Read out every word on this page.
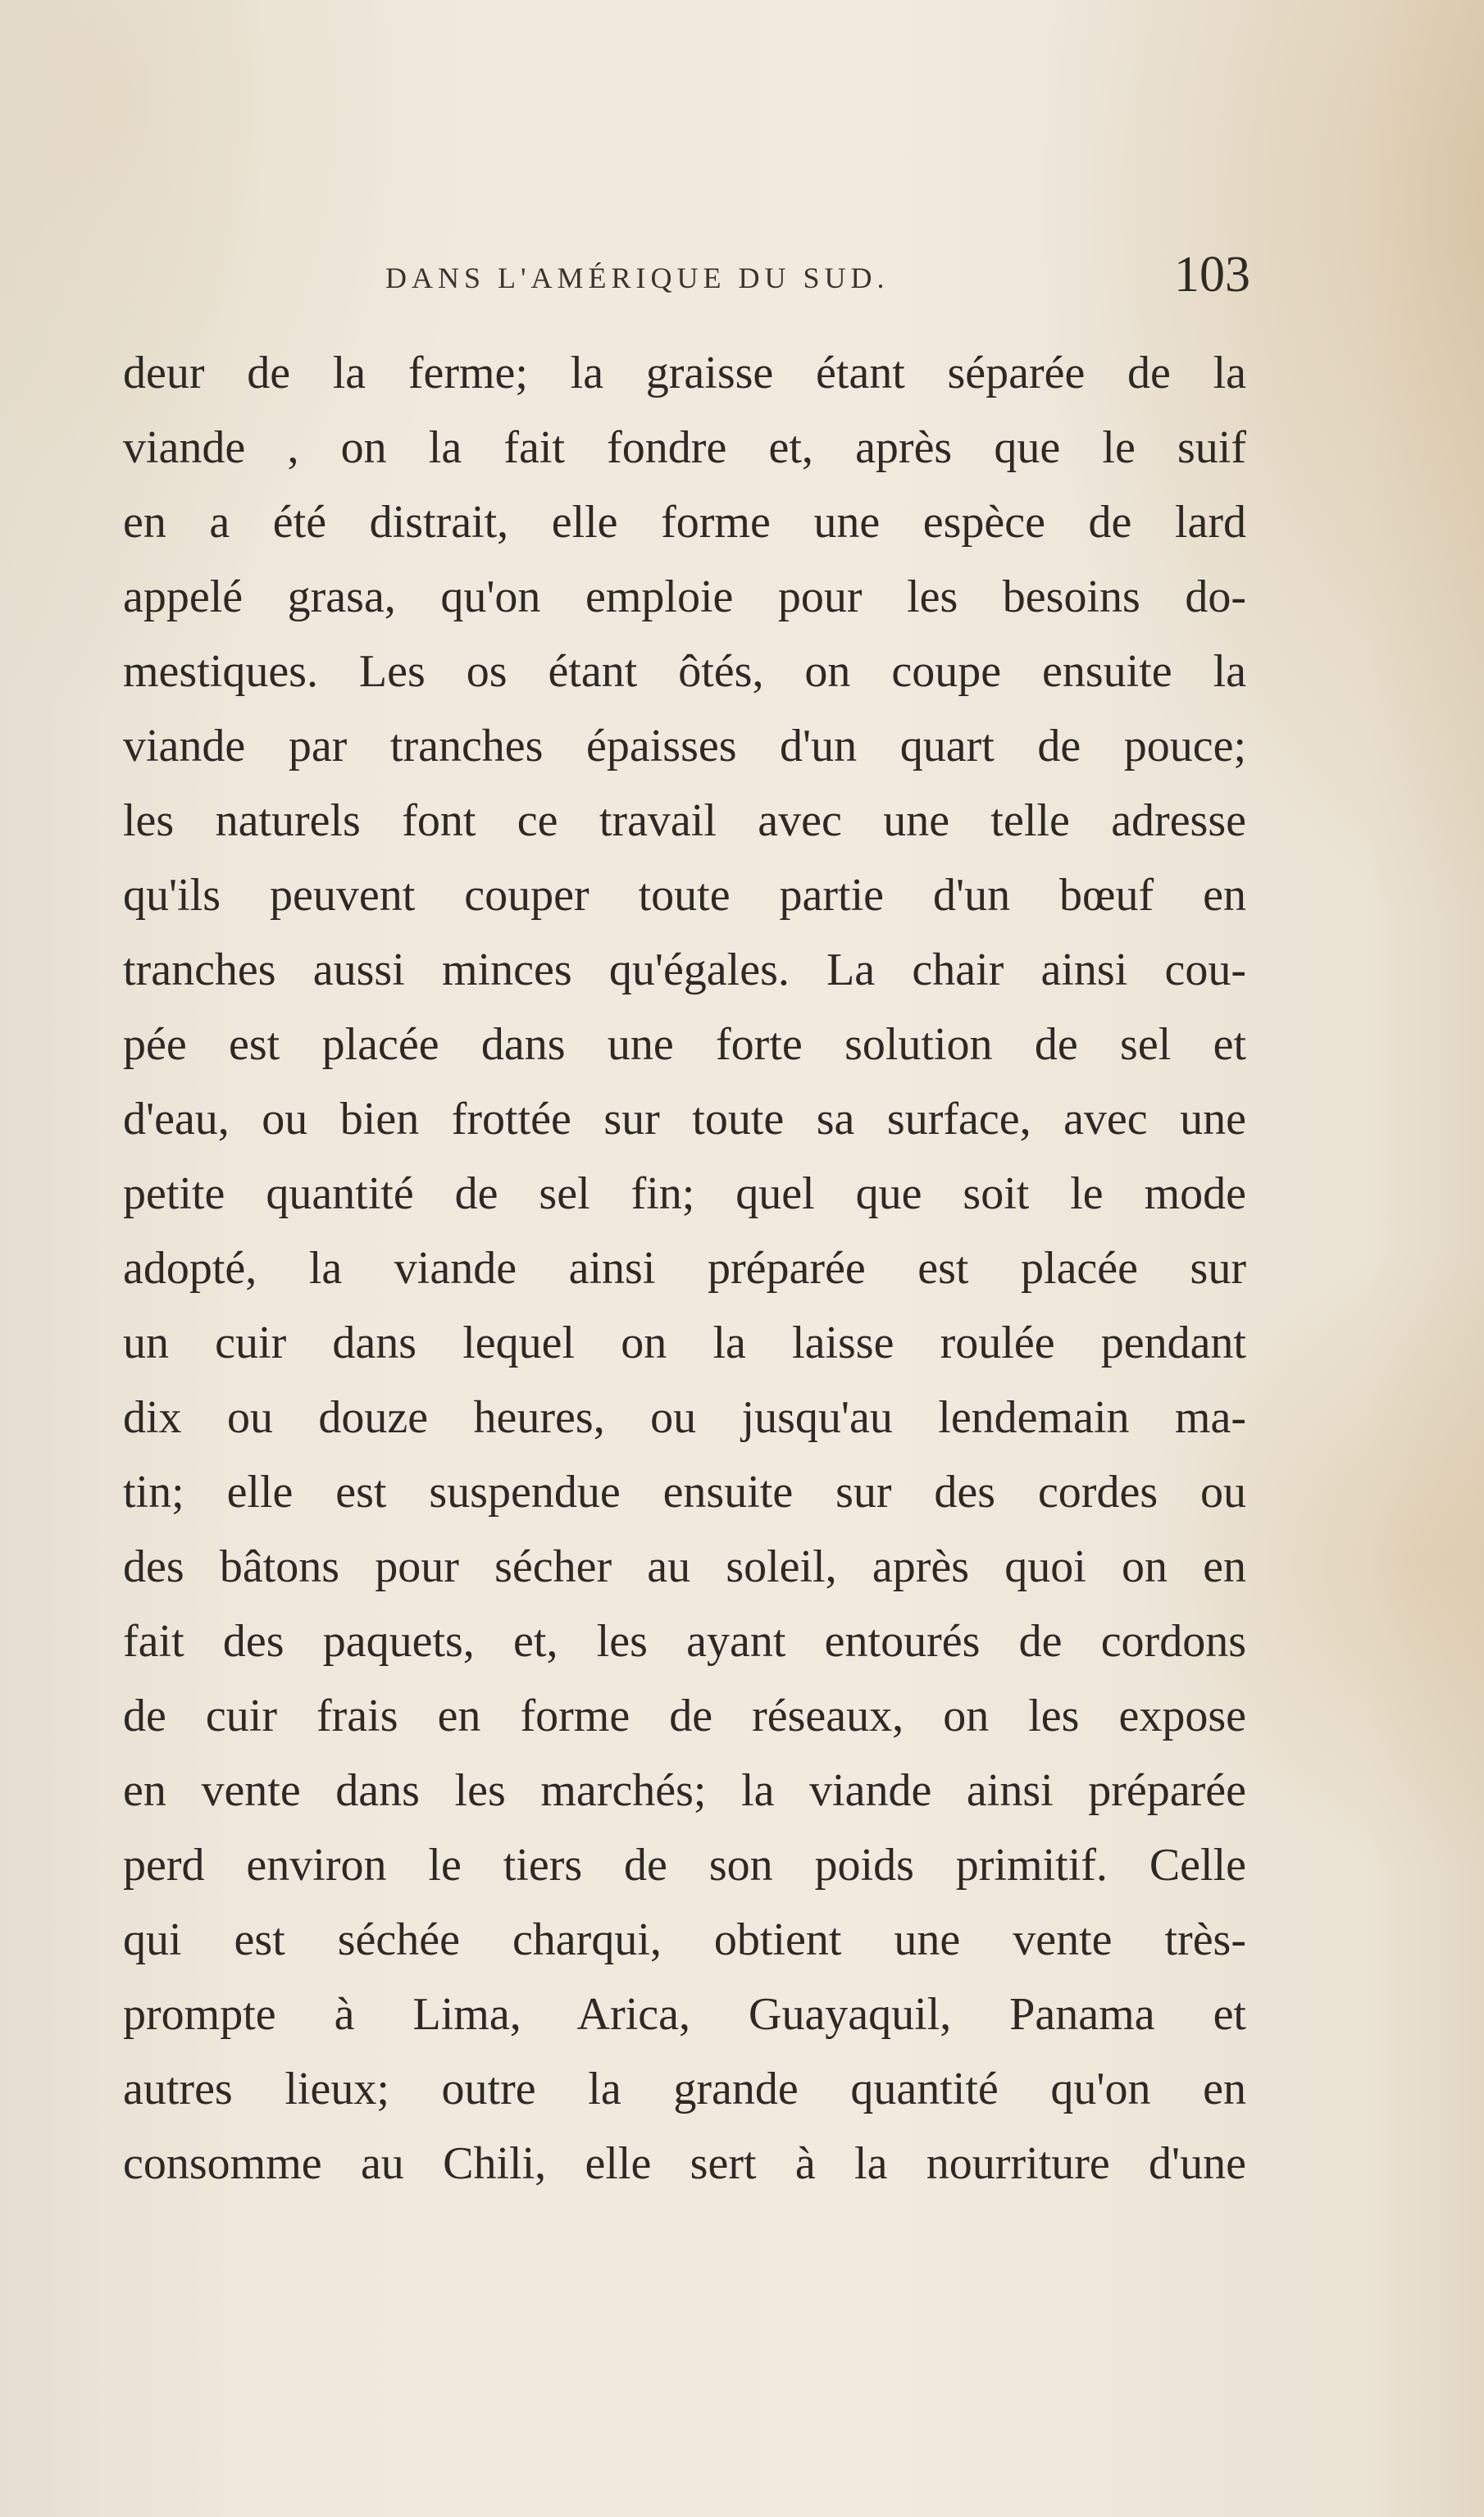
DANS L'AMÉRIQUE DU SUD.	103
deur de la ferme; la graisse étant séparée de la
viande , on la fait fondre et, après que le suif
en a été distrait, elle forme une espèce de lard
appelé grasa, qu'on emploie pour les besoins do-
mestiques. Les os étant ôtés, on coupe ensuite la
viande par tranches épaisses d'un quart de pouce;
les naturels font ce travail avec une telle adresse
qu'ils peuvent couper toute partie d'un bœuf en
tranches aussi minces qu'égales. La chair ainsi cou-
pée est placée dans une forte solution de sel et
d'eau, ou bien frottée sur toute sa surface, avec une
petite quantité de sel fin; quel que soit le mode
adopté, la viande ainsi préparée est placée sur
un cuir dans lequel on la laisse roulée pendant
dix ou douze heures, ou jusqu'au lendemain ma-
tin; elle est suspendue ensuite sur des cordes ou
des bâtons pour sécher au soleil, après quoi on en
fait des paquets, et, les ayant entourés de cordons
de cuir frais en forme de réseaux, on les expose
en vente dans les marchés; la viande ainsi préparée
perd environ le tiers de son poids primitif. Celle
qui est séchée charqui, obtient une vente très-
prompte à Lima, Arica, Guayaquil, Panama et
autres lieux; outre la grande quantité qu'on en
consomme au Chili, elle sert à la nourriture d'une
